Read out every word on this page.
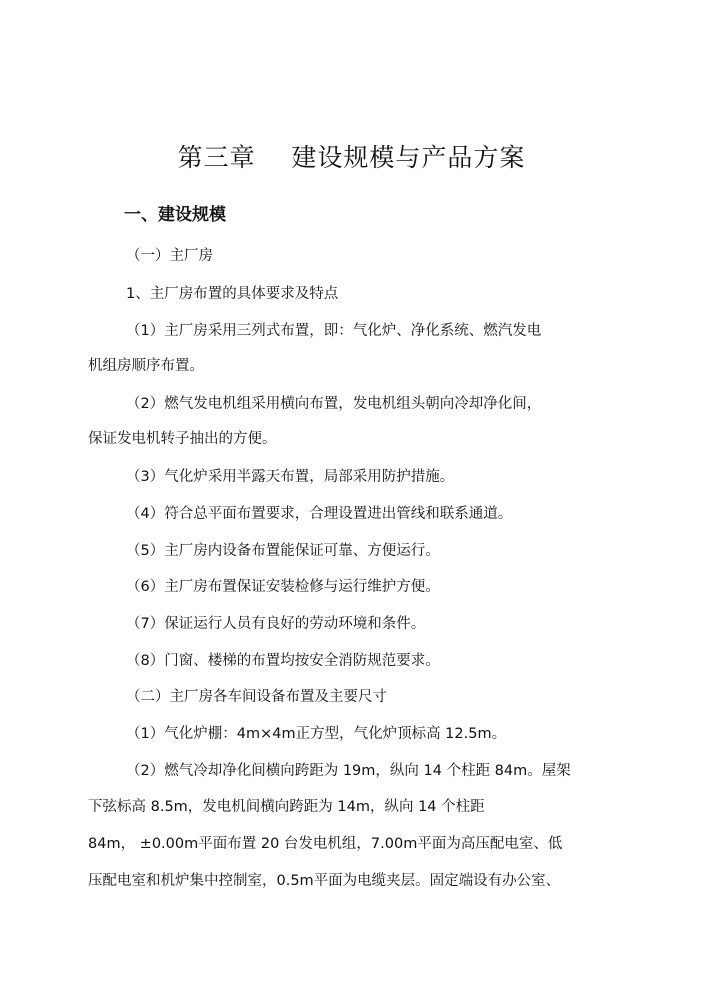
第三章    建设规模与产品方案
一、建设规模

（一）主厂房

1、主厂房布置的具体要求及特点

（1）主厂房采用三列式布置，即：气化炉、净化系统、燃汽发电

机组房顺序布置。

（2）燃气发电机组采用横向布置，发电机组头朝向冷却净化间，

保证发电机转子抽出的方便。

（3）气化炉采用半露天布置，局部采用防护措施。

（4）符合总平面布置要求，合理设置进出管线和联系通道。

（5）主厂房内设备布置能保证可靠、方便运行。

（6）主厂房布置保证安装检修与运行维护方便。

（7）保证运行人员有良好的劳动环境和条件。

（8）门窗、楼梯的布置均按安全消防规范要求。

（二）主厂房各车间设备布置及主要尺寸

（1）气化炉棚：4m×4m正方型，气化炉顶标高 12.5m。

（2）燃气冷却净化间横向跨距为 19m，纵向 14 个柱距 84m。屋架

下弦标高 8.5m，发电机间横向跨距为 14m，纵向 14 个柱距

84m， ±0.00m平面布置 20 台发电机组，7.00m平面为高压配电室、低

压配电室和机炉集中控制室，0.5m平面为电缆夹层。固定端设有办公室、
